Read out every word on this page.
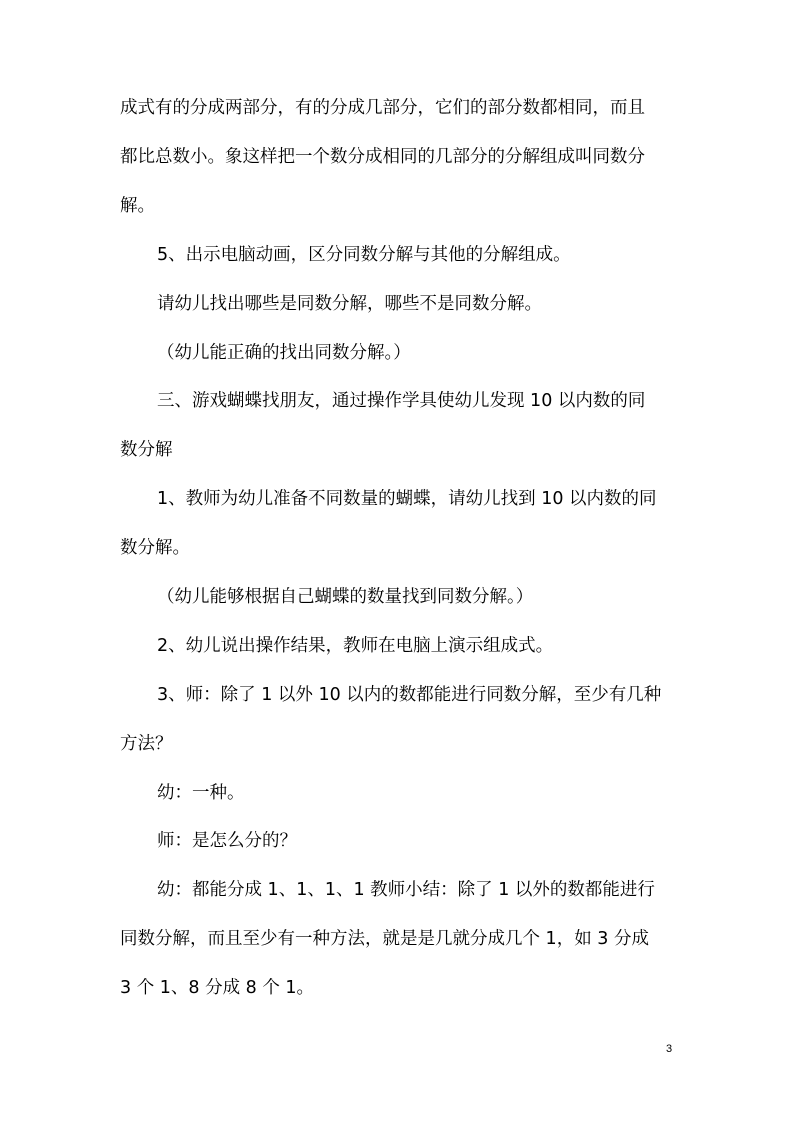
成式有的分成两部分，有的分成几部分，它们的部分数都相同，而且
都比总数小。象这样把一个数分成相同的几部分的分解组成叫同数分
解。
5、出示电脑动画，区分同数分解与其他的分解组成。
请幼儿找出哪些是同数分解，哪些不是同数分解。
（幼儿能正确的找出同数分解。）
三、游戏蝴蝶找朋友，通过操作学具使幼儿发现 10 以内数的同
数分解
1、教师为幼儿准备不同数量的蝴蝶，请幼儿找到 10 以内数的同
数分解。
（幼儿能够根据自己蝴蝶的数量找到同数分解。）
2、幼儿说出操作结果，教师在电脑上演示组成式。
3、师：除了 1 以外 10 以内的数都能进行同数分解，至少有几种
方法？
幼：一种。
师：是怎么分的？
幼：都能分成 1、1、1、1 教师小结：除了 1 以外的数都能进行
同数分解，而且至少有一种方法，就是是几就分成几个 1，如 3 分成
3 个 1、8 分成 8 个 1。
3
